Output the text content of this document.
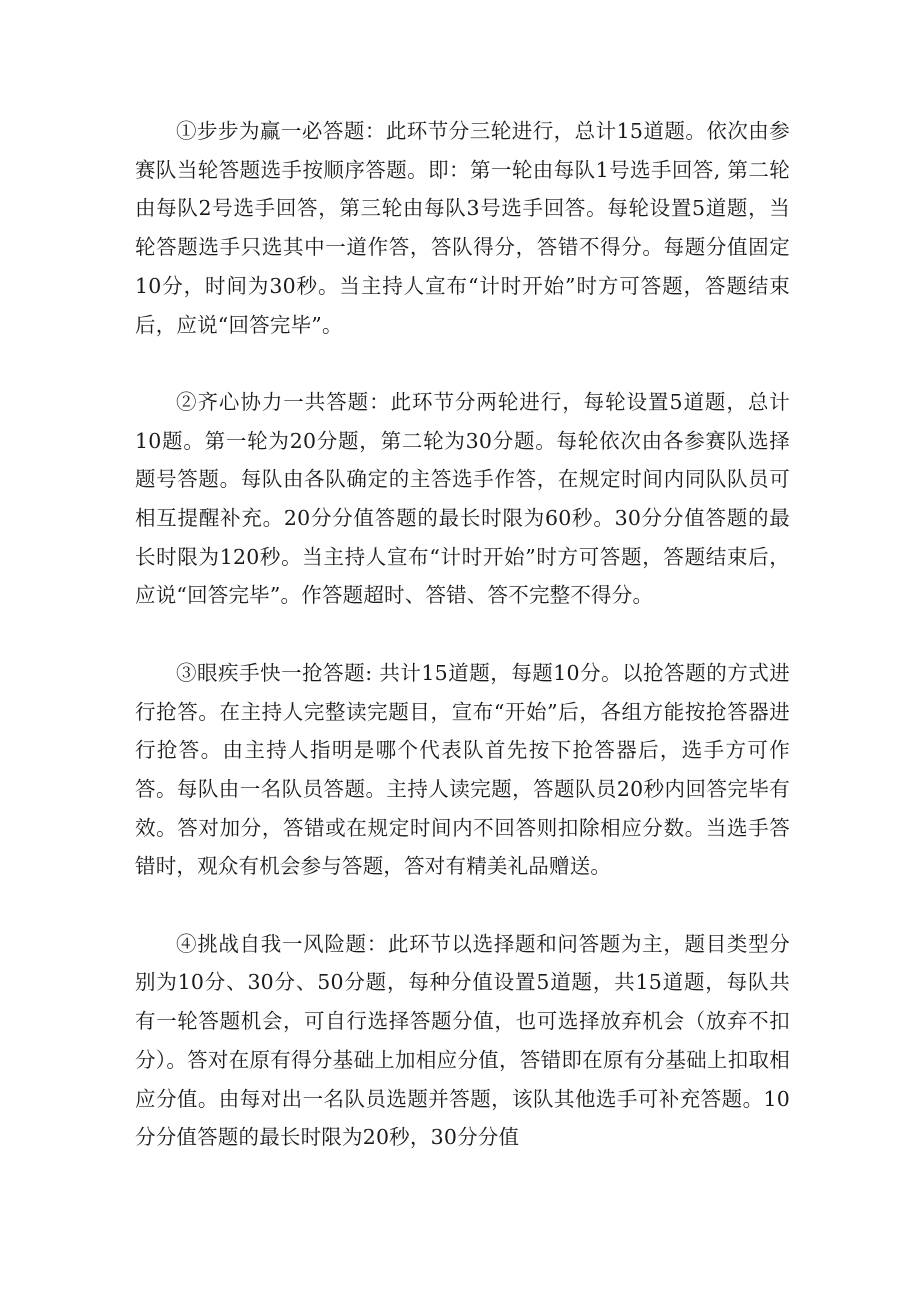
①步步为赢一必答题：此环节分三轮进行，总计15道题。依次由参赛队当轮答题选手按顺序答题。即：第一轮由每队1号选手回答, 第二轮由每队2号选手回答，第三轮由每队3号选手回答。每轮设置5道题，当轮答题选手只选其中一道作答，答队得分，答错不得分。每题分值固定10分，时间为30秒。当主持人宣布“计时开始”时方可答题，答题结束后，应说“回答完毕”。

②齐心协力一共答题：此环节分两轮进行，每轮设置5道题，总计10题。第一轮为20分题，第二轮为30分题。每轮依次由各参赛队选择题号答题。每队由各队确定的主答选手作答，在规定时间内同队队员可相互提醒补充。20分分值答题的最长时限为60秒。30分分值答题的最长时限为120秒。当主持人宣布“计时开始”时方可答题，答题结束后，应说“回答完毕”。作答题超时、答错、答不完整不得分。

③眼疾手快一抢答题: 共计15道题，每题10分。以抢答题的方式进行抢答。在主持人完整读完题目，宣布“开始”后，各组方能按抢答器进行抢答。由主持人指明是哪个代表队首先按下抢答器后，选手方可作答。每队由一名队员答题。主持人读完题，答题队员20秒内回答完毕有效。答对加分，答错或在规定时间内不回答则扣除相应分数。当选手答错时，观众有机会参与答题，答对有精美礼品赠送。

④挑战自我一风险题：此环节以选择题和问答题为主，题目类型分别为10分、30分、50分题，每种分值设置5道题，共15道题，每队共有一轮答题机会，可自行选择答题分值，也可选择放弃机会（放弃不扣分）。答对在原有得分基础上加相应分值，答错即在原有分基础上扣取相应分值。由每对出一名队员选题并答题，该队其他选手可补充答题。10分分值答题的最长时限为20秒，30分分值
